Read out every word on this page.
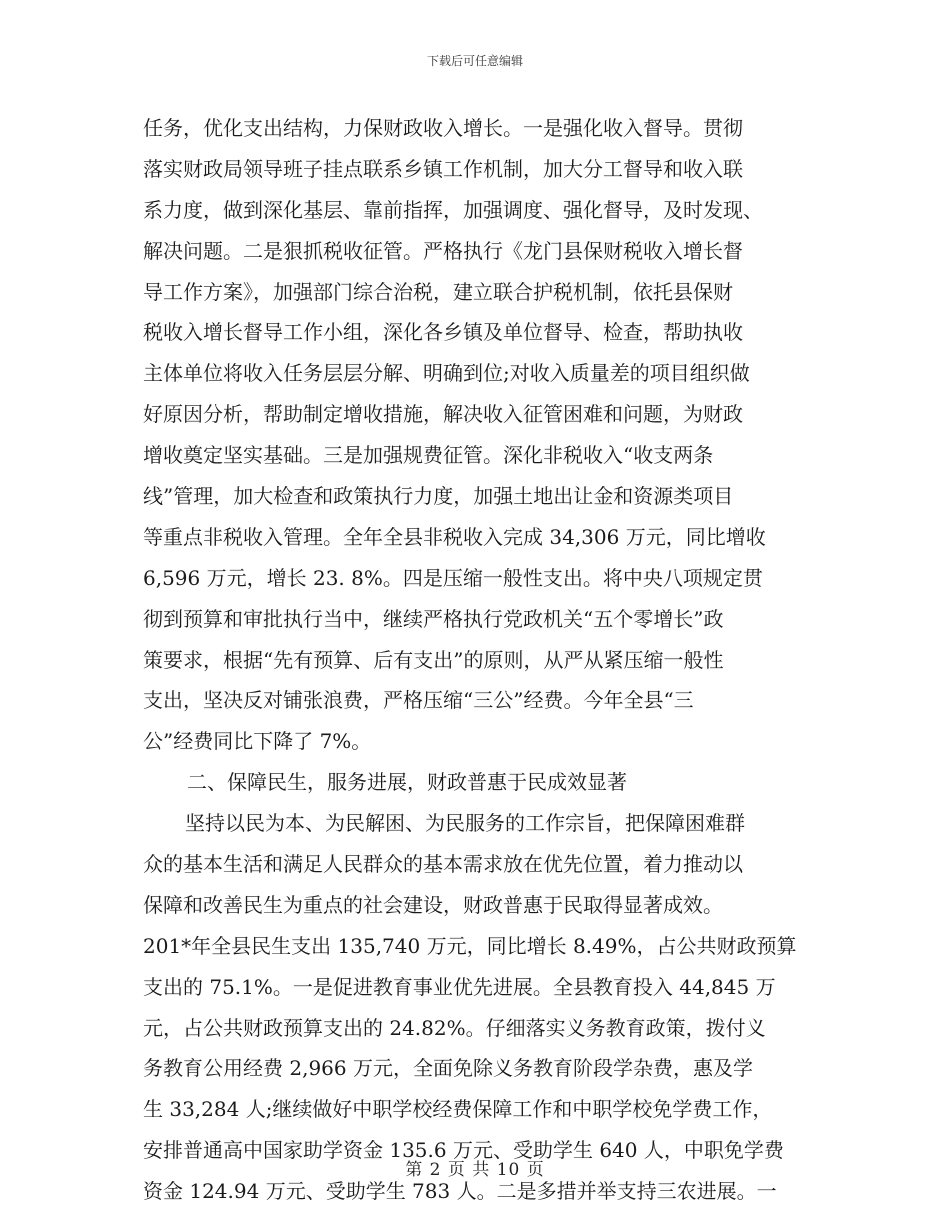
下载后可任意编辑
任务，优化支出结构，力保财政收入增长。一是强化收入督导。贯彻
落实财政局领导班子挂点联系乡镇工作机制，加大分工督导和收入联
系力度，做到深化基层、靠前指挥，加强调度、强化督导，及时发现、
解决问题。二是狠抓税收征管。严格执行《龙门县保财税收入增长督
导工作方案》，加强部门综合治税，建立联合护税机制，依托县保财
税收入增长督导工作小组，深化各乡镇及单位督导、检查，帮助执收
主体单位将收入任务层层分解、明确到位;对收入质量差的项目组织做
好原因分析，帮助制定增收措施，解决收入征管困难和问题，为财政
增收奠定坚实基础。三是加强规费征管。深化非税收入“收支两条
线”管理，加大检查和政策执行力度，加强土地出让金和资源类项目
等重点非税收入管理。全年全县非税收入完成 34,306 万元，同比增收
6,596 万元，增长 23. 8%。四是压缩一般性支出。将中央八项规定贯
彻到预算和审批执行当中，继续严格执行党政机关“五个零增长”政
策要求，根据“先有预算、后有支出”的原则，从严从紧压缩一般性
支出，坚决反对铺张浪费，严格压缩“三公”经费。今年全县“三
公”经费同比下降了 7%。
二、保障民生，服务进展，财政普惠于民成效显著
坚持以民为本、为民解困、为民服务的工作宗旨，把保障困难群
众的基本生活和满足人民群众的基本需求放在优先位置，着力推动以
保障和改善民生为重点的社会建设，财政普惠于民取得显著成效。
201*年全县民生支出 135,740 万元，同比增长 8.49%，占公共财政预算
支出的 75.1%。一是促进教育事业优先进展。全县教育投入 44,845 万
元，占公共财政预算支出的 24.82%。仔细落实义务教育政策，拨付义
务教育公用经费 2,966 万元，全面免除义务教育阶段学杂费，惠及学
生 33,284 人;继续做好中职学校经费保障工作和中职学校免学费工作，
安排普通高中国家助学资金 135.6 万元、受助学生 640 人，中职免学费
资金 124.94 万元、受助学生 783 人。二是多措并举支持三农进展。一
第 2 页 共 10 页
